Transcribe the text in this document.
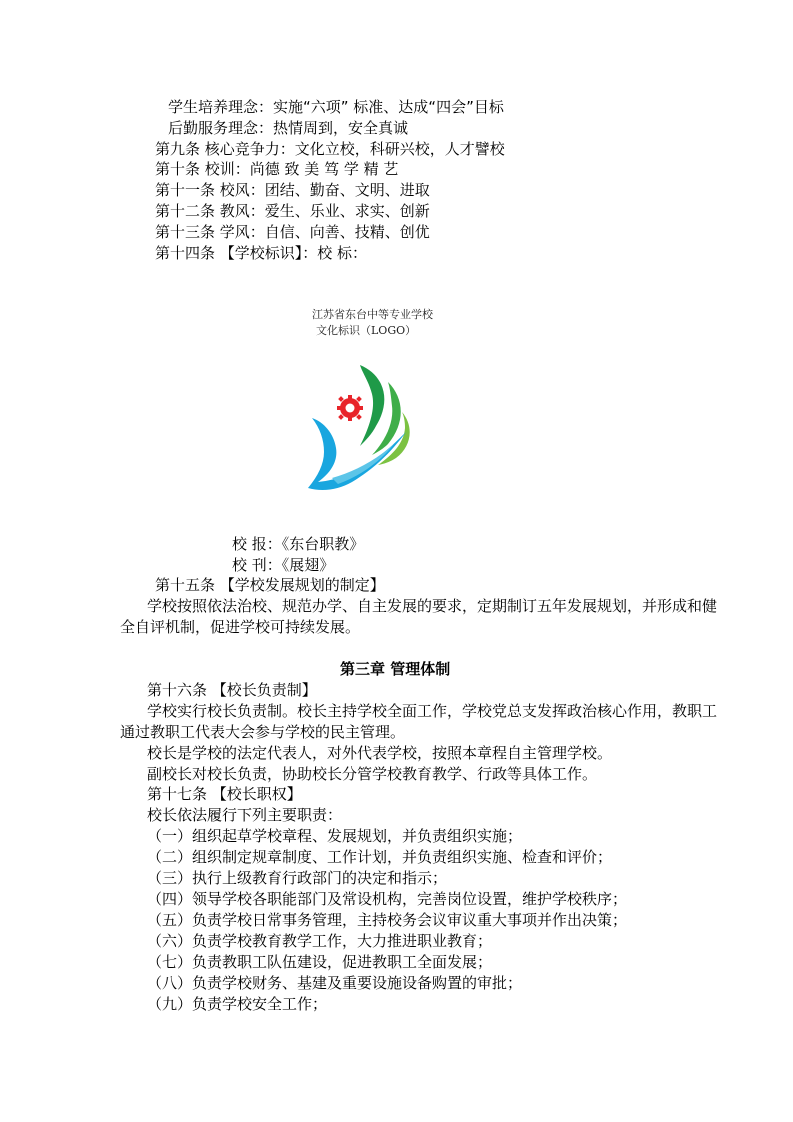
学生培养理念：实施“六项” 标准、达成“四会”目标
后勤服务理念：热情周到，安全真诚
第九条 核心竞争力：文化立校，科研兴校，人才譬校
第十条 校训：尚德 致 美 笃 学 精 艺
第十一条 校风：团结、勤奋、文明、进取
第十二条 教风：爱生、乐业、求实、创新
第十三条 学风：自信、向善、技精、创优
第十四条 【学校标识】：校 标：
江苏省东台中等专业学校
文化标识（LOGO）
校 报：《东台职教》
校 刊：《展翅》
第十五条 【学校发展规划的制定】
学校按照依法治校、规范办学、自主发展的要求，定期制订五年发展规划，并形成和健
全自评机制，促进学校可持续发展。
第三章 管理体制
第十六条 【校长负责制】
学校实行校长负责制。校长主持学校全面工作，学校党总支发挥政治核心作用，教职工
通过教职工代表大会参与学校的民主管理。
校长是学校的法定代表人，对外代表学校，按照本章程自主管理学校。
副校长对校长负责，协助校长分管学校教育教学、行政等具体工作。
第十七条 【校长职权】
校长依法履行下列主要职责：
（一）组织起草学校章程、发展规划，并负责组织实施；
（二）组织制定规章制度、工作计划，并负责组织实施、检查和评价；
（三）执行上级教育行政部门的决定和指示；
（四）领导学校各职能部门及常设机构，完善岗位设置，维护学校秩序；
（五）负责学校日常事务管理，主持校务会议审议重大事项并作出决策；
（六）负责学校教育教学工作，大力推进职业教育；
（七）负责教职工队伍建设，促进教职工全面发展；
（八）负责学校财务、基建及重要设施设备购置的审批；
（九）负责学校安全工作；
